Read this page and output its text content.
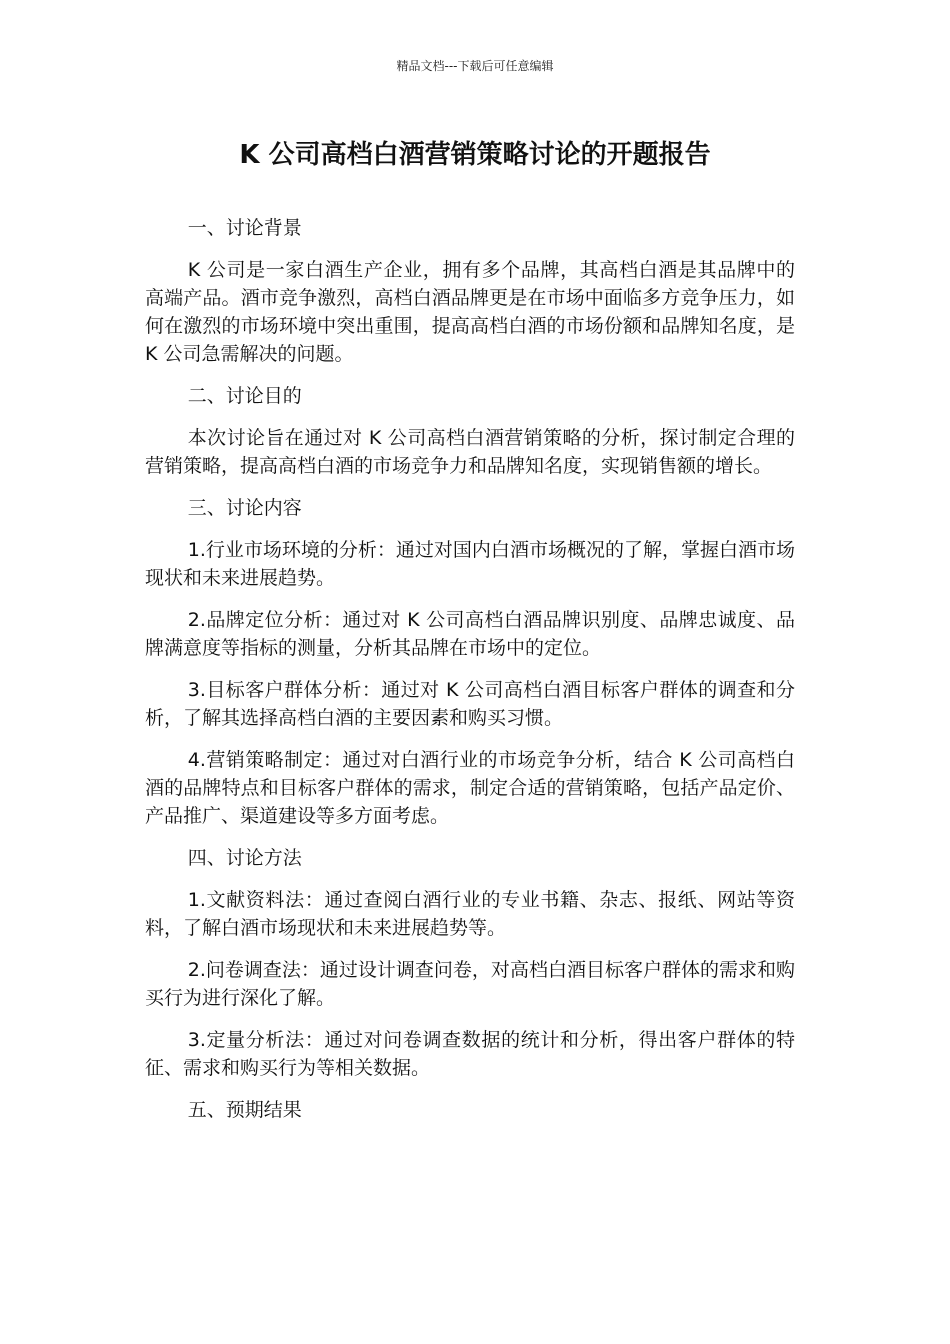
精品文档---下载后可任意编辑
K 公司高档白酒营销策略讨论的开题报告

一、讨论背景

K 公司是一家白酒生产企业，拥有多个品牌，其高档白酒是其品牌中的高端产品。酒市竞争激烈，高档白酒品牌更是在市场中面临多方竞争压力，如何在激烈的市场环境中突出重围，提高高档白酒的市场份额和品牌知名度，是 K 公司急需解决的问题。

二、讨论目的

本次讨论旨在通过对 K 公司高档白酒营销策略的分析，探讨制定合理的营销策略，提高高档白酒的市场竞争力和品牌知名度，实现销售额的增长。

三、讨论内容

1.行业市场环境的分析：通过对国内白酒市场概况的了解，掌握白酒市场现状和未来进展趋势。

2.品牌定位分析：通过对 K 公司高档白酒品牌识别度、品牌忠诚度、品牌满意度等指标的测量，分析其品牌在市场中的定位。

3.目标客户群体分析：通过对 K 公司高档白酒目标客户群体的调查和分析，了解其选择高档白酒的主要因素和购买习惯。

4.营销策略制定：通过对白酒行业的市场竞争分析，结合 K 公司高档白酒的品牌特点和目标客户群体的需求，制定合适的营销策略，包括产品定价、产品推广、渠道建设等多方面考虑。

四、讨论方法

1.文献资料法：通过查阅白酒行业的专业书籍、杂志、报纸、网站等资料，了解白酒市场现状和未来进展趋势等。

2.问卷调查法：通过设计调查问卷，对高档白酒目标客户群体的需求和购买行为进行深化了解。

3.定量分析法：通过对问卷调查数据的统计和分析，得出客户群体的特征、需求和购买行为等相关数据。

五、预期结果
